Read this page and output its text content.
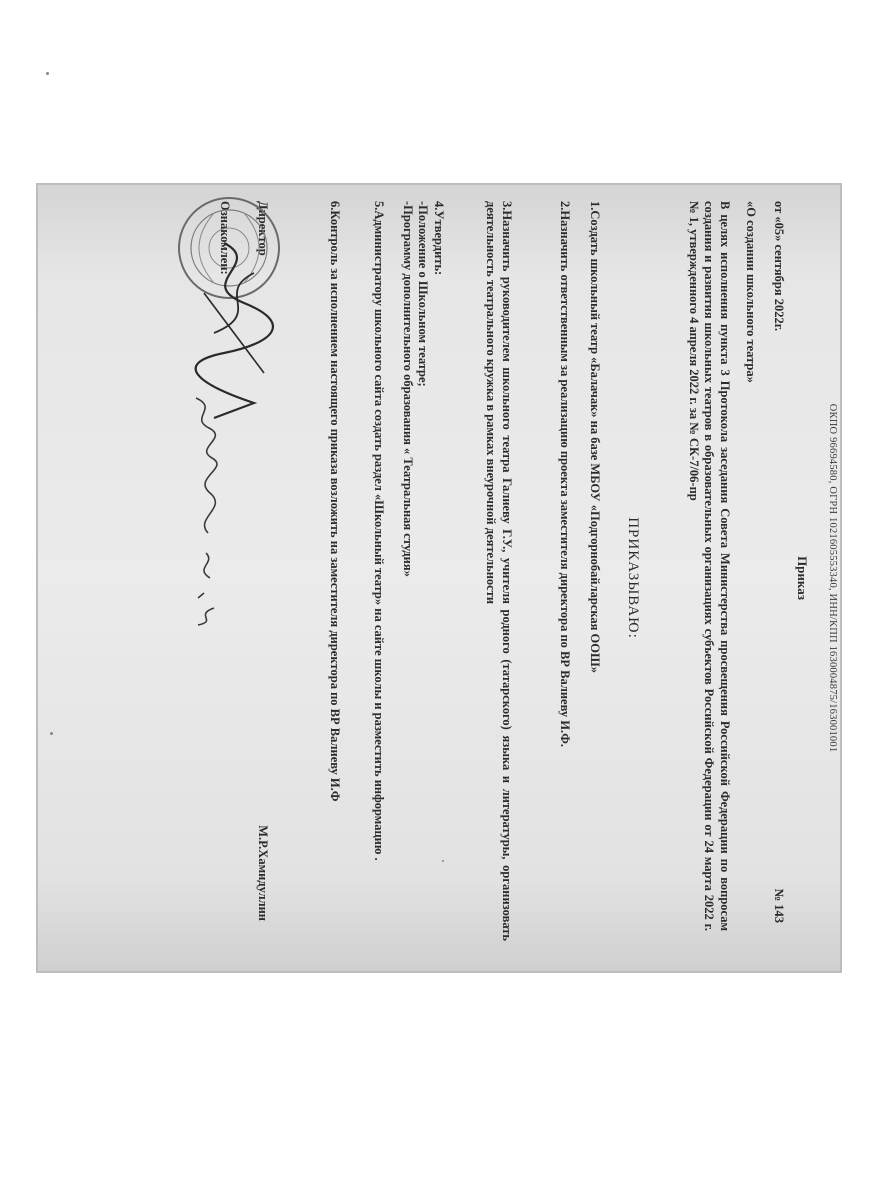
ОКПО 96694580, ОГРН 1021605553340, ИНН/КПП 1630004875/163001001
Приказ
от «05» сентября 2022г.
№ 143
«О создании школьного театра»
В целях исполнения пункта 3 Протокола заседания Совета Министерства просвещения Российской Федерации по вопросам создания и развития школьных театров в образовательных организациях субъектов Российской Федерации от 24 марта 2022 г. № 1, утвержденного 4 апреля 2022 г. за № СК-7/06-пр
ПРИКАЗЫВАЮ:
1.Создать школьный театр «Балачак» на базе МБОУ «Подгорнобайларская ООШ»
2.Назначить ответственным за реализацию проекта заместителя директора по ВР Валиеву И.Ф.
3.Назначить руководителем школьного театра Галиеву Г.У., учителя родного (татарского) языка и литературы, организовать деятельность театрального кружка в рамках внеурочной деятельности
4.Утвердить:
-Положение о Школьном театре;
-Программу дополнительного образования « Театральная студия»
5.Администратору школьного сайта создать раздел «Школьный театр» на сайте школы и разместить информацию .
6.Контроль за исполнением настоящего приказа возложить на заместителя директора по ВР Валиеву И.Ф
Директор
М.Р.Хамидуллин
Ознакомлен:
